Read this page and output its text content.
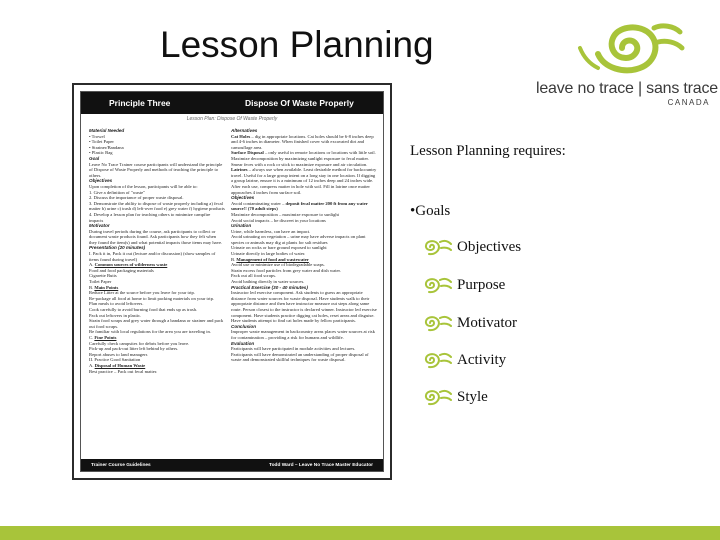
Lesson Planning
leave no trace | sans trace
CANADA
Principle Three	Dispose Of Waste Properly
Lesson Plan: Dispose Of Waste Properly

Material Needed

• Trowel

• Toilet Paper

• Strainer/Bandana

• Plastic Bag

Goal

Leave No Trace Trainer course participants will understand the principle of Dispose of Waste Properly and methods of teaching the principle to others.

Objectives

Upon completion of the lesson, participants will be able to:

1. Give a definition of "waste"

2. Discuss the importance of proper waste disposal.

3. Demonstrate the ability to dispose of waste properly including a) fecal matter b) urine c) trash d) left-over food e) grey water f) hygiene products

4. Develop a lesson plan for teaching others to minimize campfire impacts

Motivator

During travel periods during the course, ask participants to collect or document waste products found. Ask participants how they felt when they found the item(s) and what potential impacts those items may have.

Presentation (20 minutes)

I. Pack it in, Pack it out (lecture and/or discussion) (show samples of items found during travel)

A. Common sources of wilderness waste

Food and food packaging materials

Cigarette Butts

Toilet Paper

B. Main Points

Reduce Litter at the source before you leave for your trip.

Re-package all food at home to limit packing materials on your trip.

Plan meals to avoid leftovers.

Cook carefully to avoid burning food that ends up as trash.

Pack out leftovers in plastic.

Strain food scraps and grey water through a bandana or strainer and pack out food scraps.

Be familiar with local regulations for the area you are traveling in.

C. Fine Points

Carefully check campsites for debris before you leave.

Pick-up and pack-out litter left behind by others.

Report abuses to land managers

II. Practice Good Sanitation

A. Disposal of Human Waste

Best practice – Pack out fecal matter.

Alternatives

Cat Holes – dig in appropriate locations. Cat holes should be 6-8 inches deep and 4-6 inches in diameter. When finished cover with excavated dirt and camouflage area.

Surface Disposal – only useful in remote locations or locations with little soil. Maximize decomposition by maximizing sunlight exposure to fecal matter. Smear feces with a rock or stick to maximize exposure and air circulation.

Latrines – always use when available. Least desirable method for backcountry travel. Useful for a large group intent on a long stay in one location. If digging a group latrine, ensure it is a minimum of 12 inches deep and 24 inches wide. After each use, compress matter in hole with soil. Fill in latrine once matter approaches 4 inches from surface soil.

Objectives

Avoid contaminating water – deposit fecal matter 200 ft from any water source!! (70 adult steps)

Maximize decomposition – maximize exposure to sunlight

Avoid social impacts – be discreet in your locations

Urination

Urine, while harmless, can have an impact.

Avoid urinating on vegetation – urine may have adverse impacts on plant species or animals may dig at plants for salt residues

Urinate on rocks or bare ground exposed to sunlight

Urinate directly in large bodies of water.

B. Management of food and wastewater

Avoid use or minimize use of biodegradable soaps.

Strain excess food particles from grey water and dish water.

Pack out all food scraps.

Avoid bathing directly in water sources.

Practical Exercise (30 - 40 minutes)

Instructor led exercise component. Ask students to guess an appropriate distance from water sources for waste disposal. Have students walk to their appropriate distance and then have instructor measure out steps along same route. Person closest to the instructor is declared winner. Instructor led exercise component. Have students practice digging cat holes, reset areas and disguise. Have students attempt to find cat holes made by fellow participants.

Conclusion

Improper waste management in backcountry areas places water sources at risk for contamination – providing a risk for humans and wildlife.

Evaluation

Participants will have participated in module activities and lectures. Participants will have demonstrated an understanding of proper disposal of waste and demonstrated skillful techniques for waste disposal.

Trainer Course Guidelines	Todd Ward – Leave No Trace Master Educator
Lesson Planning requires:
•Goals
Objectives
Purpose
Motivator
Activity
Style
